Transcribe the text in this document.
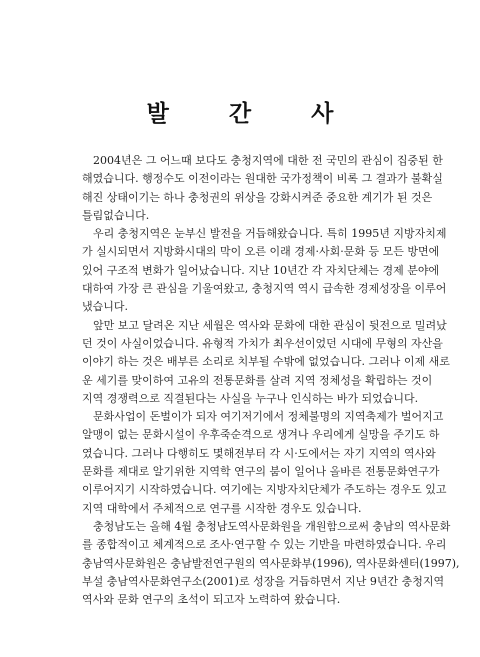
발 간 사
　2004년은 그 어느때 보다도 충청지역에 대한 전 국민의 관심이 집중된 한
해였습니다. 행정수도 이전이라는 원대한 국가정책이 비록 그 결과가 불확실
해진 상태이기는 하나 충청권의 위상을 강화시켜준 중요한 계기가 된 것은
틀림없습니다.
　우리 충청지역은 눈부신 발전을 거듭해왔습니다. 특히 1995년 지방자치제
가 실시되면서 지방화시대의 막이 오른 이래 경제·사회·문화 등 모든 방면에
있어 구조적 변화가 일어났습니다. 지난 10년간 각 자치단체는 경제 분야에
대하여 가장 큰 관심을 기울여왔고, 충청지역 역시 급속한 경제성장을 이루어
냈습니다.
　앞만 보고 달려온 지난 세월은 역사와 문화에 대한 관심이 뒷전으로 밀려났
던 것이 사실이었습니다. 유형적 가치가 최우선이었던 시대에 무형의 자산을
이야기 하는 것은 배부른 소리로 치부될 수밖에 없었습니다. 그러나 이제 새로
운 세기를 맞이하여 고유의 전통문화를 살려 지역 정체성을 확립하는 것이
지역 경쟁력으로 직결된다는 사실을 누구나 인식하는 바가 되었습니다.
　문화사업이 돈벌이가 되자 여기저기에서 정체불명의 지역축제가 벌어지고
알맹이 없는 문화시설이 우후죽순격으로 생겨나 우리에게 실망을 주기도 하
였습니다. 그러나 다행히도 몇해전부터 각 시·도에서는 자기 지역의 역사와
문화를 제대로 알기위한 지역학 연구의 붐이 일어나 올바른 전통문화연구가
이루어지기 시작하였습니다. 여기에는 지방자치단체가 주도하는 경우도 있고
지역 대학에서 주체적으로 연구를 시작한 경우도 있습니다.
　충청남도는 올해 4월 충청남도역사문화원을 개원함으로써 충남의 역사문화
를 종합적이고 체계적으로 조사·연구할 수 있는 기반을 마련하였습니다. 우리
충남역사문화원은 충남발전연구원의 역사문화부(1996), 역사문화센터(1997),
부설 충남역사문화연구소(2001)로 성장을 거듭하면서 지난 9년간 충청지역
역사와 문화 연구의 초석이 되고자 노력하여 왔습니다.
